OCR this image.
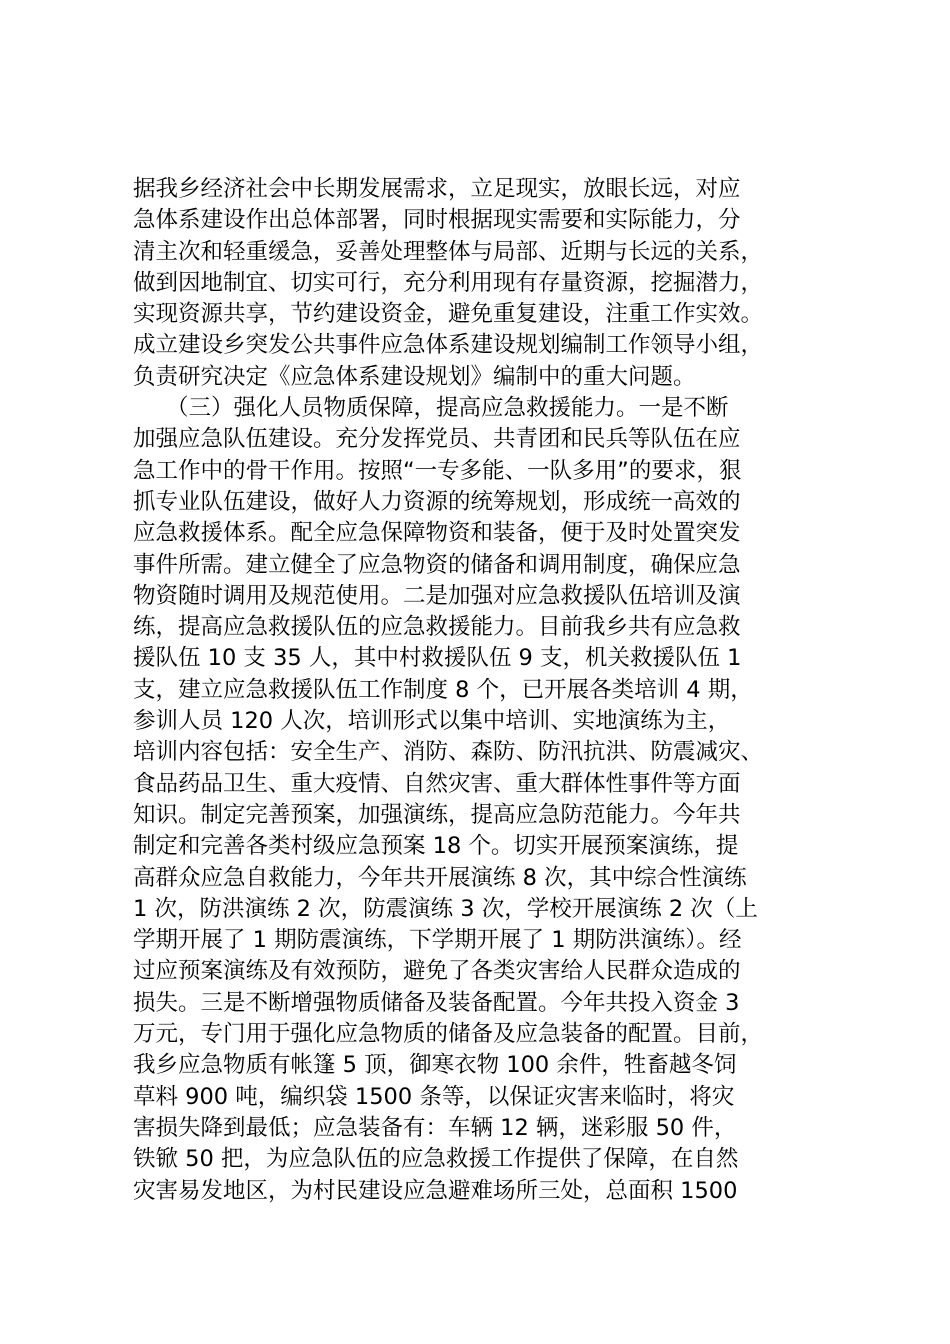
据我乡经济社会中长期发展需求，立足现实，放眼长远，对应
急体系建设作出总体部署，同时根据现实需要和实际能力，分
清主次和轻重缓急，妥善处理整体与局部、近期与长远的关系，
做到因地制宜、切实可行，充分利用现有存量资源，挖掘潜力，
实现资源共享，节约建设资金，避免重复建设，注重工作实效。
成立建设乡突发公共事件应急体系建设规划编制工作领导小组，
负责研究决定《应急体系建设规划》编制中的重大问题。
（三）强化人员物质保障，提高应急救援能力。一是不断
加强应急队伍建设。充分发挥党员、共青团和民兵等队伍在应
急工作中的骨干作用。按照“一专多能、一队多用”的要求，狠
抓专业队伍建设，做好人力资源的统筹规划，形成统一高效的
应急救援体系。配全应急保障物资和装备，便于及时处置突发
事件所需。建立健全了应急物资的储备和调用制度，确保应急
物资随时调用及规范使用。二是加强对应急救援队伍培训及演
练，提高应急救援队伍的应急救援能力。目前我乡共有应急救
援队伍 10 支 35 人，其中村救援队伍 9 支，机关救援队伍 1
支，建立应急救援队伍工作制度 8 个，已开展各类培训 4 期，
参训人员 120 人次，培训形式以集中培训、实地演练为主，
培训内容包括：安全生产、消防、森防、防汛抗洪、防震减灾、
食品药品卫生、重大疫情、自然灾害、重大群体性事件等方面
知识。制定完善预案，加强演练，提高应急防范能力。今年共
制定和完善各类村级应急预案 18 个。切实开展预案演练，提
高群众应急自救能力，今年共开展演练 8 次，其中综合性演练
1 次，防洪演练 2 次，防震演练 3 次，学校开展演练 2 次（上
学期开展了 1 期防震演练，下学期开展了 1 期防洪演练）。经
过应预案演练及有效预防，避免了各类灾害给人民群众造成的
损失。三是不断增强物质储备及装备配置。今年共投入资金 3
万元，专门用于强化应急物质的储备及应急装备的配置。目前，
我乡应急物质有帐篷 5 顶，御寒衣物 100 余件，牲畜越冬饲
草料 900 吨，编织袋 1500 条等，以保证灾害来临时，将灾
害损失降到最低；应急装备有：车辆 12 辆，迷彩服 50 件，
铁锨 50 把，为应急队伍的应急救援工作提供了保障，在自然
灾害易发地区，为村民建设应急避难场所三处，总面积 1500
